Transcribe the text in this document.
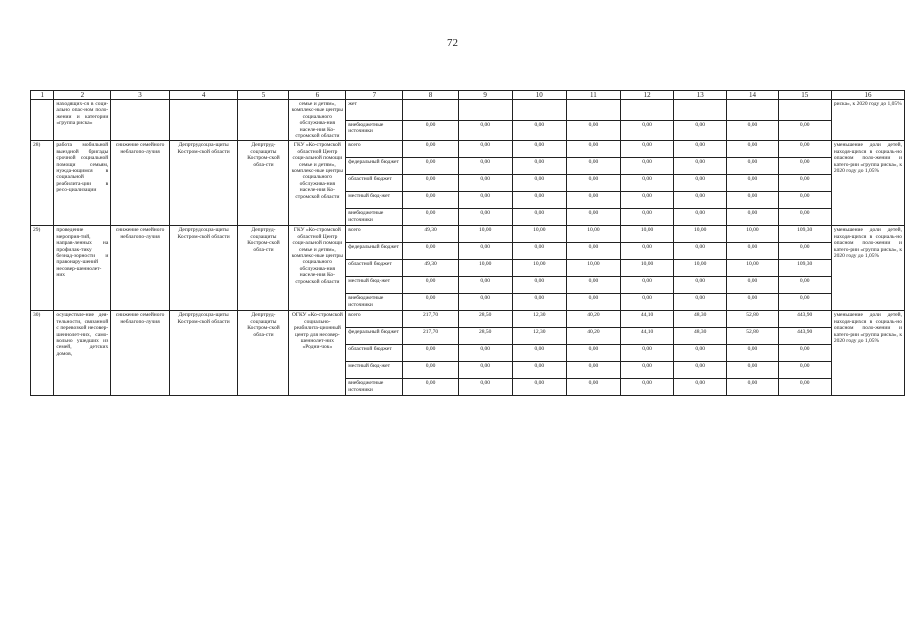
72
1	2	3	4	5	6	7	8	9	10	11	12	13	14	15	16
	находящих-ся в соци-ально опас-ном поло-жении и категории «группа риска»				семье и детям», комплекс-ные центры социального обслужива-ния населе-ния Ко-стромской области	жет									риска», к 2020 году до 1,05%
						внебюджетные источники	0,00	0,00	0,00	0,00	0,00	0,00	0,00	0,00	
28)	работа мобильной выездной бригады срочной социальной помощи семьям, нужда-ющимся в социальной реабилита-ции в ресо-циализации	снижение семейного неблагопо-лучия	Депртрудсоцза-щиты Костром-ской области	Депртруд-соцзащиты Костром-ской обла-сти	ГКУ «Ко-стромской областной Центр соци-альной помощи семье и детям», комплекс-ные центры социального обслужива-ния населе-ния Ко-стромской области	всего	0,00	0,00	0,00	0,00	0,00	0,00	0,00	0,00	уменьшение доли детей, находя-щихся в социаль-но опасном поло-жении и катего-рии «группа риска», к 2020 году до 1,05%
						федеральный бюджет	0,00	0,00	0,00	0,00	0,00	0,00	0,00	0,00	
						областной бюджет	0,00	0,00	0,00	0,00	0,00	0,00	0,00	0,00	
						местный бюд-жет	0,00	0,00	0,00	0,00	0,00	0,00	0,00	0,00	
						внебюджетные источники	0,00	0,00	0,00	0,00	0,00	0,00	0,00	0,00	
29)	проведение мероприя-тий, направ-ленных на профилак-тику безнад-зорности и правонару-шений несовер-шеннолет-них	снижение семейного неблагопо-лучия	Депртрудсоцза-щиты Костром-ской области	Депртруд-соцзащиты Костром-ской обла-сти	ГКУ «Ко-стромской областной Центр соци-альной помощи семье и детям», комплекс-ные центры социального обслужива-ния населе-ния Ко-стромской области	всего	49,30	10,00	10,00	10,00	10,00	10,00	10,00	109,30	уменьшение доли детей, находя-щихся в социаль-но опасном поло-жении и катего-рии «группа риска», к 2020 году до 1,05%
						федеральный бюджет	0,00	0,00	0,00	0,00	0,00	0,00	0,00	0,00	
						областной бюджет	49,30	10,00	10,00	10,00	10,00	10,00	10,00	109,30	
						местный бюд-жет	0,00	0,00	0,00	0,00	0,00	0,00	0,00	0,00	
						внебюджетные источники	0,00	0,00	0,00	0,00	0,00	0,00	0,00	0,00	
30)	осуществле-ние дея-тельности, связанной с перевозкой несовер-шеннолет-них, само-вольно ушедших из семей, детских домов,	снижение семейного неблагопо-лучия	Депртрудсоцза-щиты Костром-ской области	Депртруд-соцзащиты Костром-ской обла-сти	ОГКУ «Ко-стромской социально-реабилита-ционный центр для несовер-шеннолет-них «Родни-чок»	всего	217,70	28,50	12,30	40,20	44,10	48,30	52,80	443,90	уменьшение доли детей, находя-щихся в социаль-но опасном поло-жении и катего-рии «группа риска», к 2020 году до 1,05%
						федеральный бюджет	217,70	28,50	12,30	40,20	44,10	48,30	52,80	443,90	
						областной бюджет	0,00	0,00	0,00	0,00	0,00	0,00	0,00	0,00	
						местный бюд-жет	0,00	0,00	0,00	0,00	0,00	0,00	0,00	0,00	
						внебюджетные источники	0,00	0,00	0,00	0,00	0,00	0,00	0,00	0,00	
